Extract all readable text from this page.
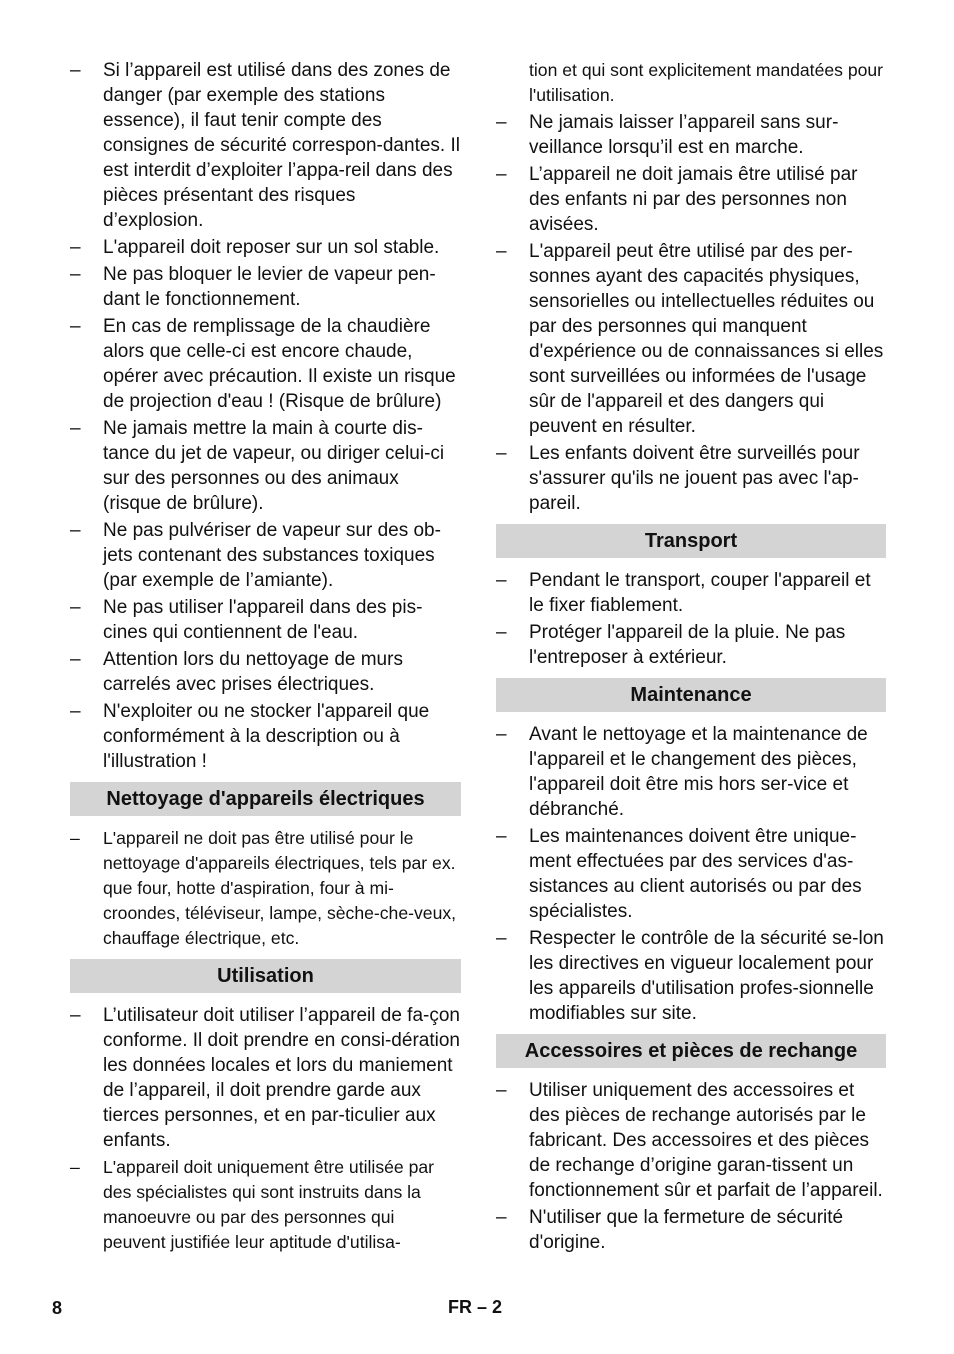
– Si l’appareil est utilisé dans des zones de danger (par exemple des stations essence), il faut tenir compte des consignes de sécurité correspon-dantes. Il est interdit d’exploiter l’appa-reil dans des pièces présentant des risques d’explosion.
– L'appareil doit reposer sur un sol stable.
– Ne pas bloquer le levier de vapeur pen-dant le fonctionnement.
– En cas de remplissage de la chaudière alors que celle-ci est encore chaude, opérer avec précaution. Il existe un risque de projection d'eau ! (Risque de brûlure)
– Ne jamais mettre la main à courte dis-tance du jet de vapeur, ou diriger celui-ci sur des personnes ou des animaux (risque de brûlure).
– Ne pas pulvériser de vapeur sur des ob-jets contenant des substances toxiques (par exemple de l’amiante).
– Ne pas utiliser l'appareil dans des pis-cines qui contiennent de l'eau.
– Attention lors du nettoyage de murs carrelés avec prises électriques.
– N'exploiter ou ne stocker l'appareil que conformément à la description ou à l'illustration !
Nettoyage d'appareils électriques
– L'appareil ne doit pas être utilisé pour le nettoyage d'appareils électriques, tels par ex. que four, hotte d'aspiration, four à mi-croondes, téléviseur, lampe, sèche-che-veux, chauffage électrique, etc.
Utilisation
– L’utilisateur doit utiliser l’appareil de fa-çon conforme. Il doit prendre en consi-dération les données locales et lors du maniement de l’appareil, il doit prendre garde aux tierces personnes, et en par-ticulier aux enfants.
– L'appareil doit uniquement être utilisée par des spécialistes qui sont instruits dans la manoeuvre ou par des personnes qui peuvent justifiée leur aptitude d'utilisa-
tion et qui sont explicitement mandatées pour l'utilisation.
– Ne jamais laisser l’appareil sans sur-veillance lorsqu’il est en marche.
– L’appareil ne doit jamais être utilisé par des enfants ni par des personnes non avisées.
– L'appareil peut être utilisé par des per-sonnes ayant des capacités physiques, sensorielles ou intellectuelles réduites ou par des personnes qui manquent d'expérience ou de connaissances si elles sont surveillées ou informées de l'usage sûr de l'appareil et des dangers qui peuvent en résulter.
– Les enfants doivent être surveillés pour s'assurer qu'ils ne jouent pas avec l'ap-pareil.
Transport
– Pendant le transport, couper l'appareil et le fixer fiablement.
– Protéger l'appareil de la pluie. Ne pas l'entreposer à extérieur.
Maintenance
– Avant le nettoyage et la maintenance de l'appareil et le changement des pièces, l'appareil doit être mis hors ser-vice et débranché.
– Les maintenances doivent être unique-ment effectuées par des services d'as-sistances au client autorisés ou par des spécialistes.
– Respecter le contrôle de la sécurité se-lon les directives en vigueur localement pour les appareils d'utilisation profes-sionnelle modifiables sur site.
Accessoires et pièces de rechange
– Utiliser uniquement des accessoires et des pièces de rechange autorisés par le fabricant. Des accessoires et des pièces de rechange d’origine garan-tissent un fonctionnement sûr et parfait de l’appareil.
– N'utiliser que la fermeture de sécurité d'origine.
8	FR – 2
